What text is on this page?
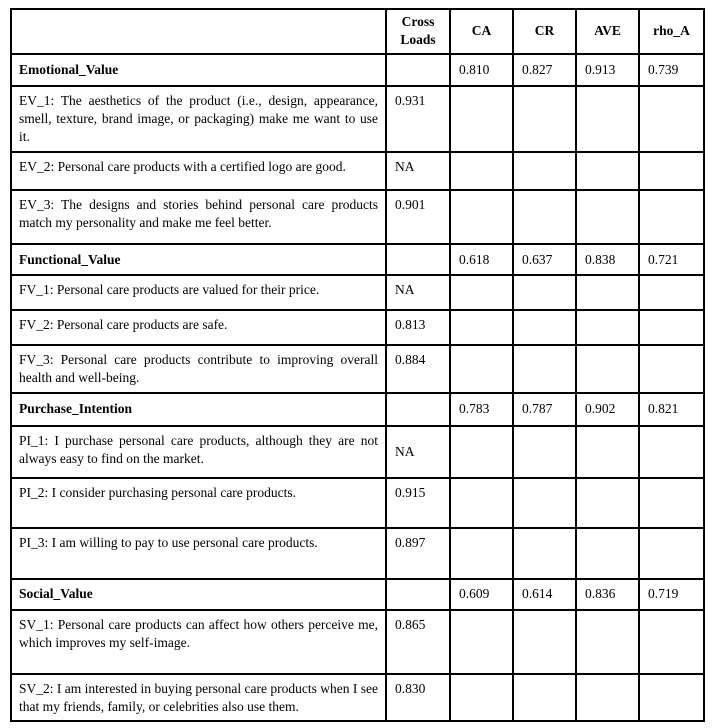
	Cross Loads	CA	CR	AVE	rho_A
Emotional_Value		0.810	0.827	0.913	0.739
EV_1: The aesthetics of the product (i.e., design, appearance, smell, texture, brand image, or packaging) make me want to use it.	0.931				
EV_2: Personal care products with a certified logo are good.	NA				
EV_3: The designs and stories behind personal care products match my personality and make me feel better.	0.901				
Functional_Value		0.618	0.637	0.838	0.721
FV_1: Personal care products are valued for their price.	NA				
FV_2: Personal care products are safe.	0.813				
FV_3: Personal care products contribute to improving overall health and well-being.	0.884				
Purchase_Intention		0.783	0.787	0.902	0.821
PI_1: I purchase personal care products, although they are not always easy to find on the market.	NA				
PI_2: I consider purchasing personal care products.	0.915				
PI_3: I am willing to pay to use personal care products.	0.897				
Social_Value		0.609	0.614	0.836	0.719
SV_1: Personal care products can affect how others perceive me, which improves my self-image.	0.865				
SV_2: I am interested in buying personal care products when I see that my friends, family, or celebrities also use them.	0.830				
